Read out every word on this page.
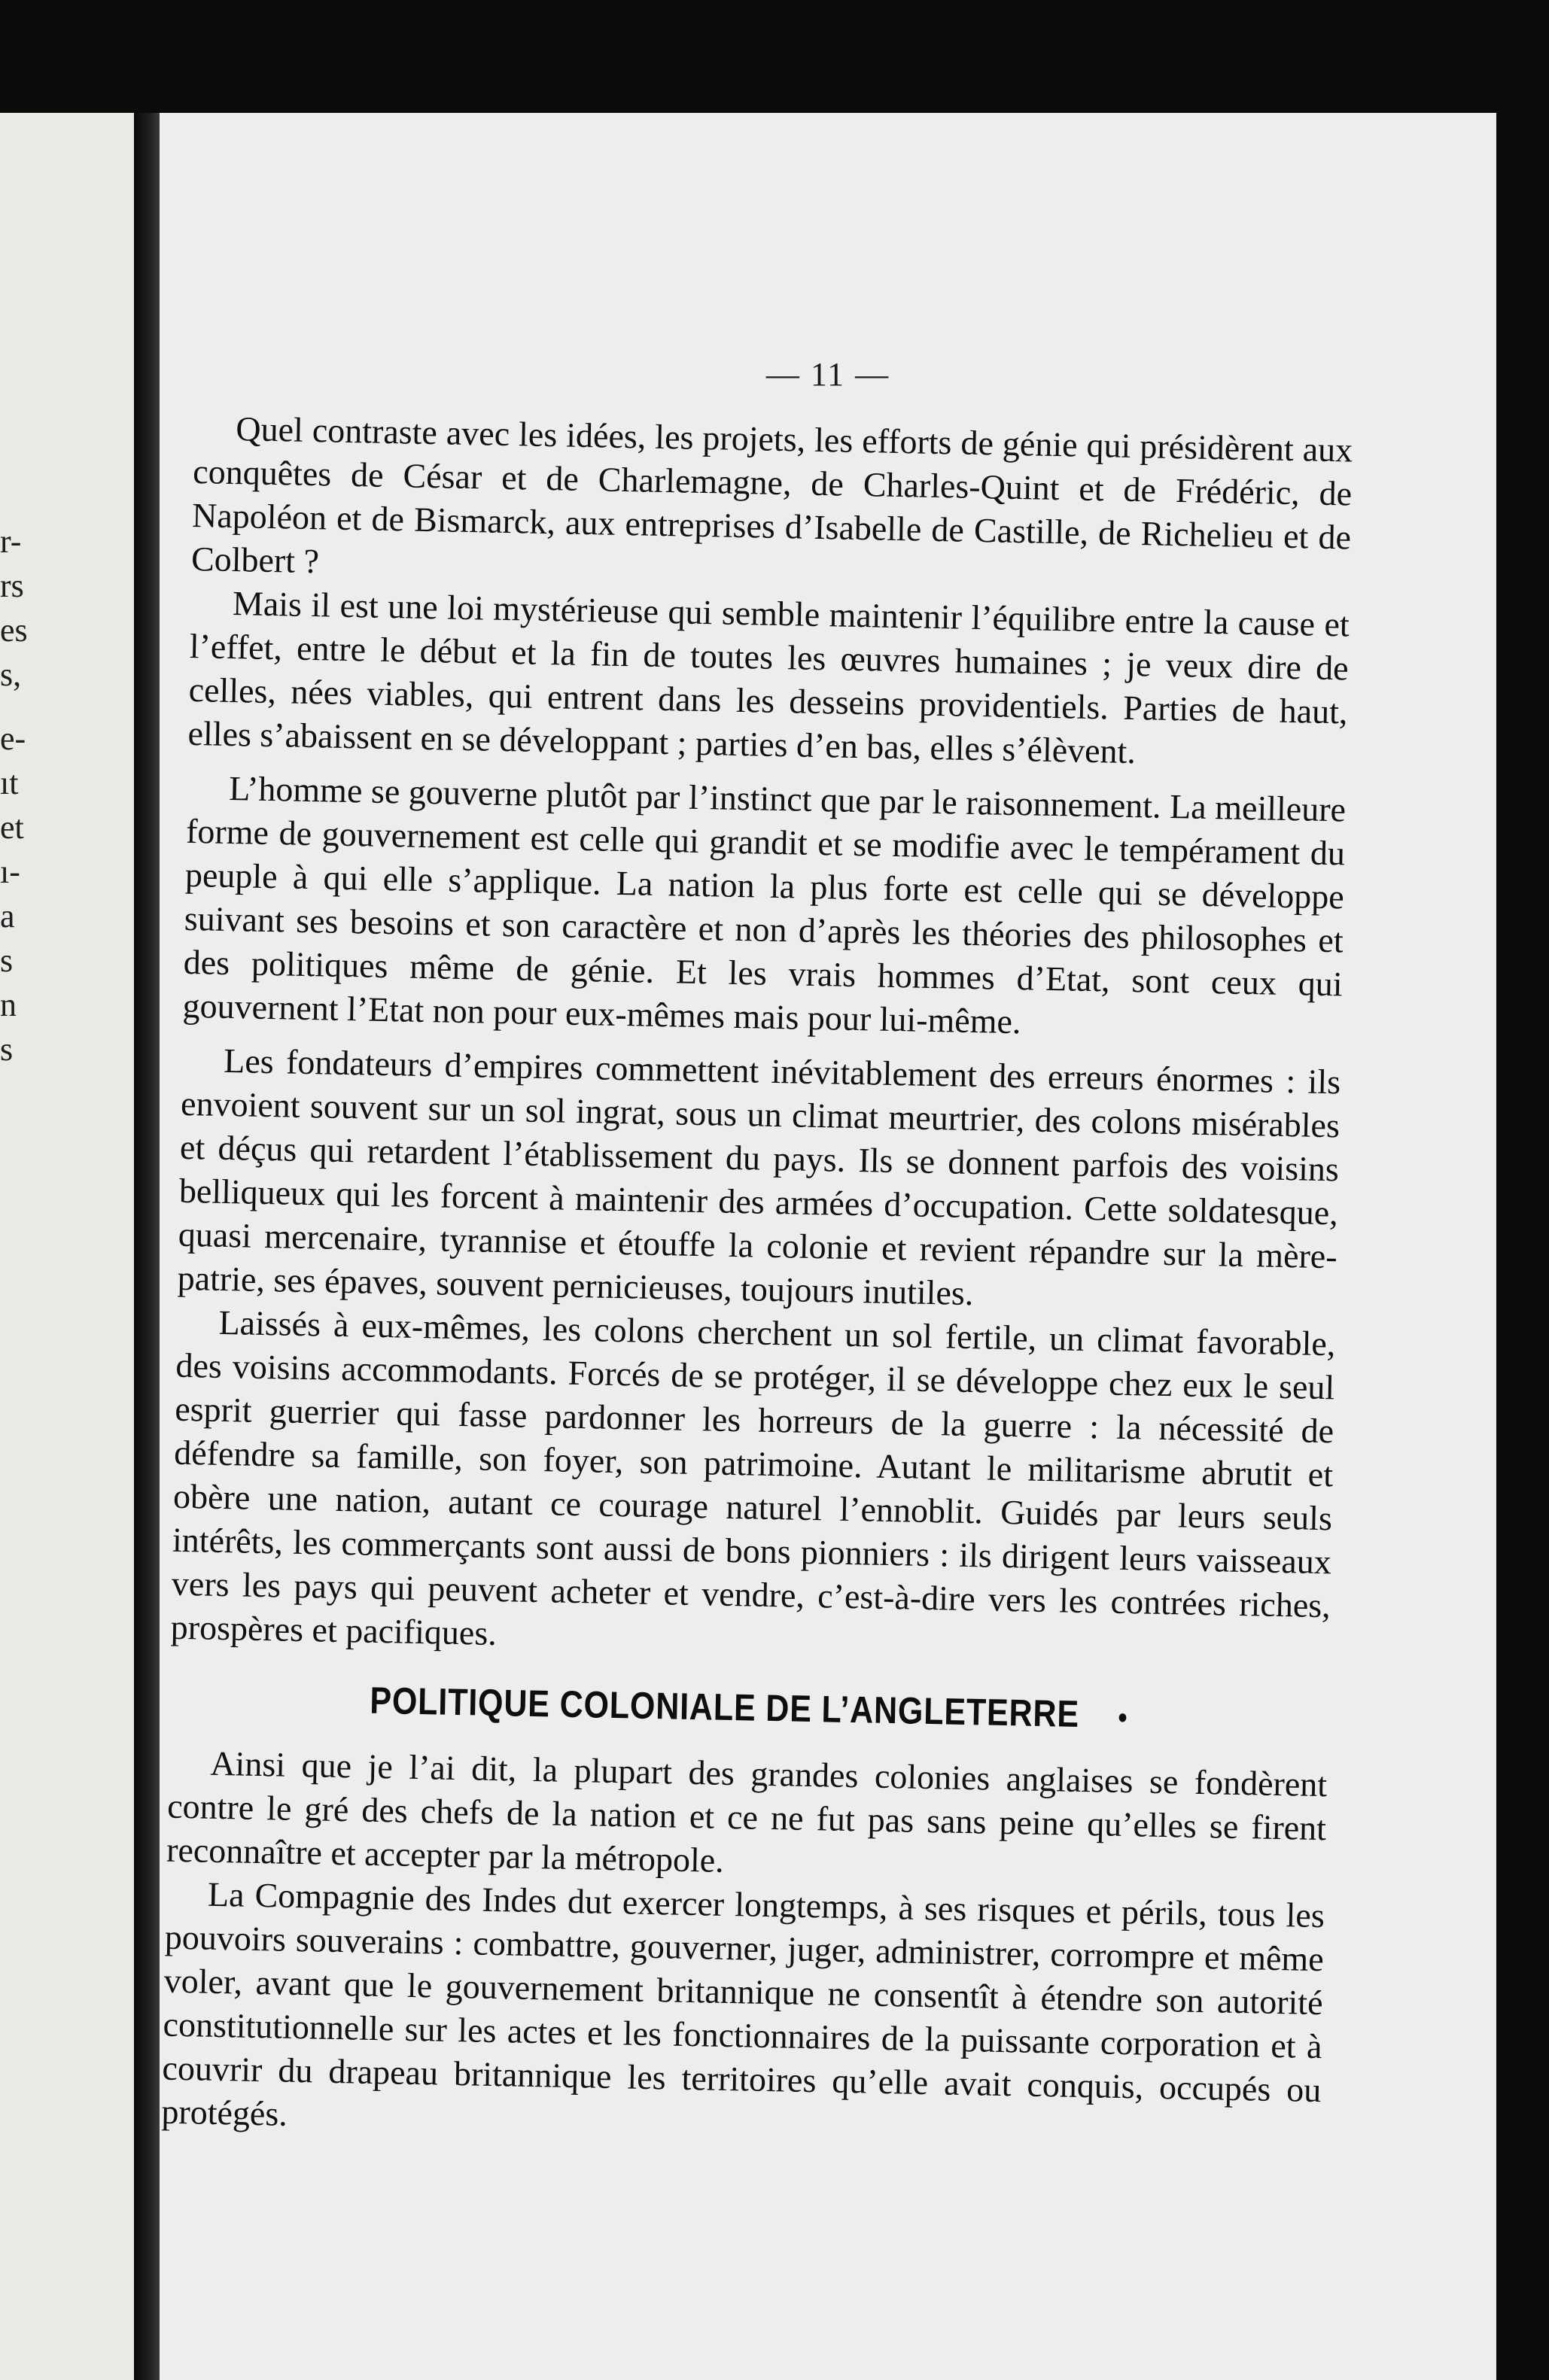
r-
rs
es
s,
e-
ıt
et
ı-
a
s
n
s
— 11 —

Quel contraste avec les idées, les projets, les efforts de génie qui présidèrent aux conquêtes de César et de Charlemagne, de Charles-Quint et de Frédéric, de Napoléon et de Bismarck, aux entreprises d’Isabelle de Castille, de Richelieu et de Colbert ?

Mais il est une loi mystérieuse qui semble maintenir l’équilibre entre la cause et l’effet, entre le début et la fin de toutes les œuvres humaines ; je veux dire de celles, nées viables, qui entrent dans les desseins providentiels. Parties de haut, elles s’abaissent en se développant ; parties d’en bas, elles s’élèvent.

L’homme se gouverne plutôt par l’instinct que par le raisonnement. La meilleure forme de gouvernement est celle qui grandit et se modifie avec le tempérament du peuple à qui elle s’applique. La nation la plus forte est celle qui se développe suivant ses besoins et son caractère et non d’après les théories des philosophes et des politiques même de génie. Et les vrais hommes d’Etat, sont ceux qui gouvernent l’Etat non pour eux-mêmes mais pour lui-même.

Les fondateurs d’empires commettent inévitablement des erreurs énormes : ils envoient souvent sur un sol ingrat, sous un climat meurtrier, des colons misérables et déçus qui retardent l’établissement du pays. Ils se donnent parfois des voisins belliqueux qui les forcent à maintenir des armées d’occupation. Cette soldatesque, quasi mercenaire, tyrannise et étouffe la colonie et revient répandre sur la mère-patrie, ses épaves, souvent pernicieuses, toujours inutiles.

Laissés à eux-mêmes, les colons cherchent un sol fertile, un climat favorable, des voisins accommodants. Forcés de se protéger, il se développe chez eux le seul esprit guerrier qui fasse pardonner les horreurs de la guerre : la nécessité de défendre sa famille, son foyer, son patrimoine. Autant le militarisme abrutit et obère une nation, autant ce courage naturel l’ennoblit. Guidés par leurs seuls intérêts, les commerçants sont aussi de bons pionniers : ils dirigent leurs vaisseaux vers les pays qui peuvent acheter et vendre, c’est-à-dire vers les contrées riches, prospères et pacifiques.

POLITIQUE COLONIALE DE L’ANGLETERRE •

Ainsi que je l’ai dit, la plupart des grandes colonies anglaises se fondèrent contre le gré des chefs de la nation et ce ne fut pas sans peine qu’elles se firent reconnaître et accepter par la métropole.

La Compagnie des Indes dut exercer longtemps, à ses risques et périls, tous les pouvoirs souverains : combattre, gouverner, juger, administrer, corrompre et même voler, avant que le gouvernement britannique ne consentît à étendre son autorité constitutionnelle sur les actes et les fonctionnaires de la puissante corporation et à couvrir du drapeau britannique les territoires qu’elle avait conquis, occupés ou protégés.
